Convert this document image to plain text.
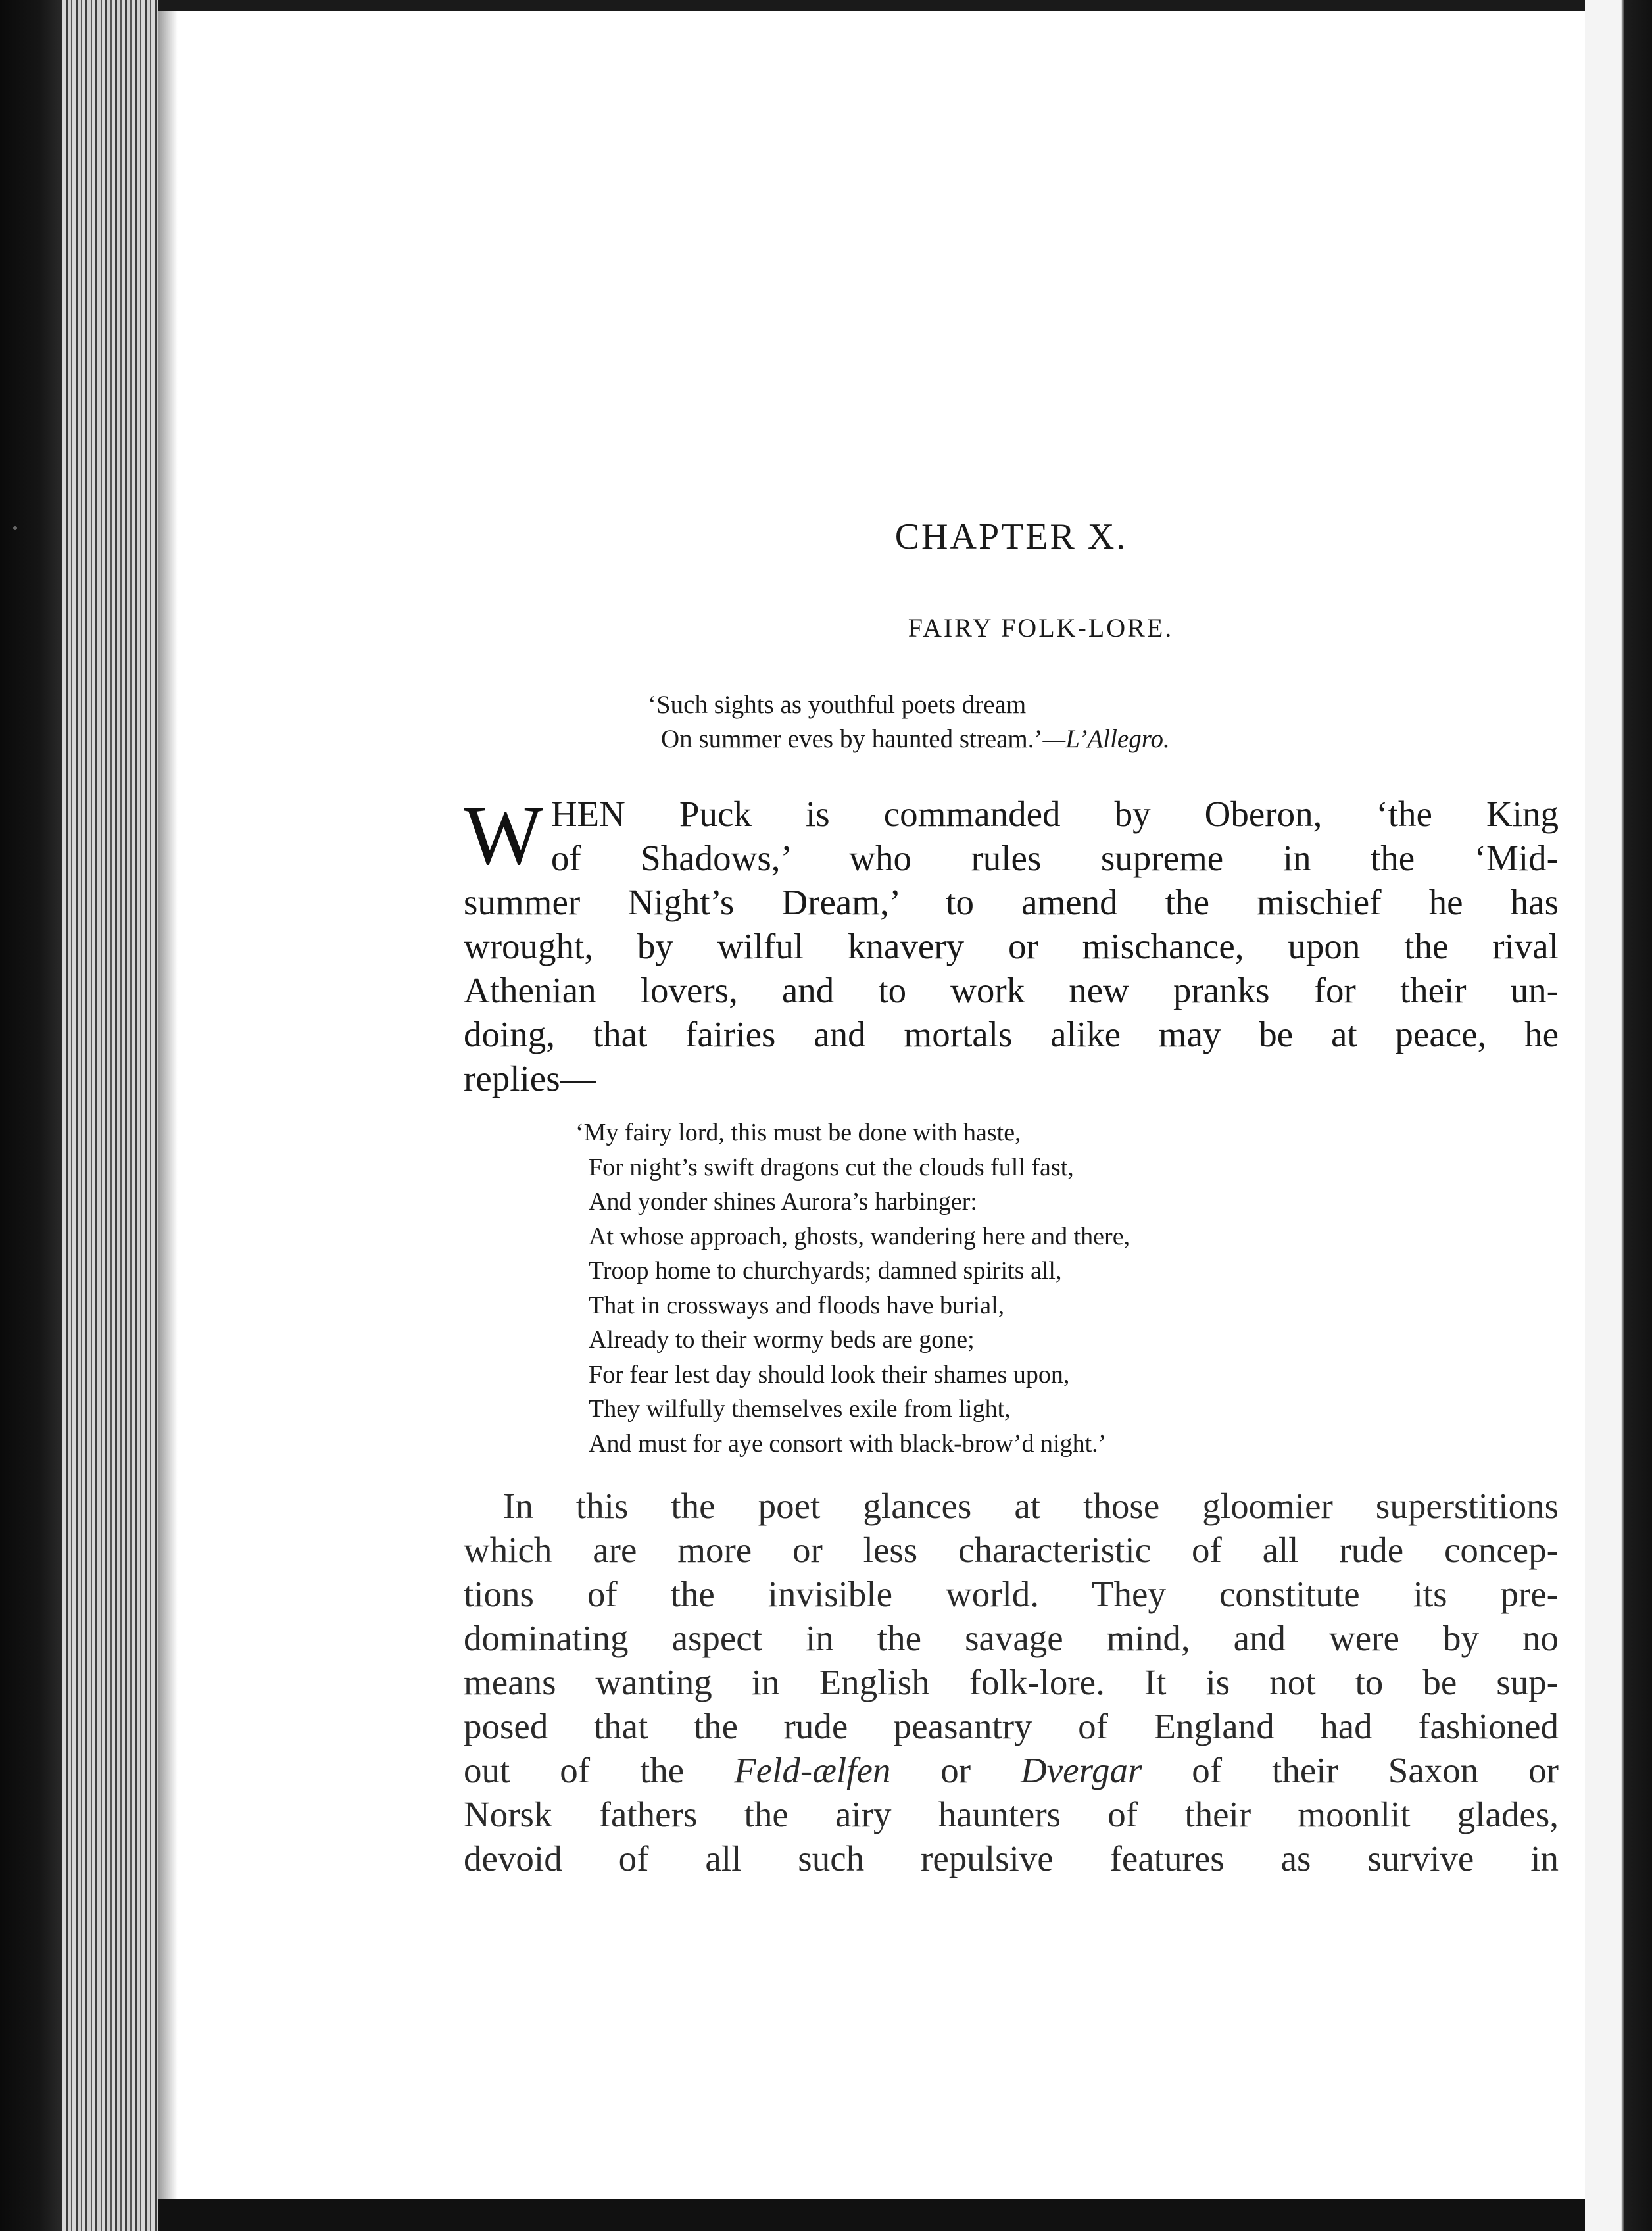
CHAPTER X.
FAIRY FOLK-LORE.
‘Such sights as youthful poets dream
On summer eves by haunted stream.’—L’Allegro.
W HEN Puck is commanded by Oberon, ‘the King
of Shadows,’ who rules supreme in the ‘Mid-
summer Night’s Dream,’ to amend the mischief he has
wrought, by wilful knavery or mischance, upon the rival
Athenian lovers, and to work new pranks for their un-
doing, that fairies and mortals alike may be at peace, he
replies—
‘My fairy lord, this must be done with haste,
For night’s swift dragons cut the clouds full fast,
And yonder shines Aurora’s harbinger:
At whose approach, ghosts, wandering here and there,
Troop home to churchyards; damned spirits all,
That in crossways and floods have burial,
Already to their wormy beds are gone;
For fear lest day should look their shames upon,
They wilfully themselves exile from light,
And must for aye consort with black-brow’d night.’
In this the poet glances at those gloomier superstitions
which are more or less characteristic of all rude concep-
tions of the invisible world. They constitute its pre-
dominating aspect in the savage mind, and were by no
means wanting in English folk-lore. It is not to be sup-
posed that the rude peasantry of England had fashioned
out of the Feld-ælfen or Dvergar of their Saxon or
Norsk fathers the airy haunters of their moonlit glades,
devoid of all such repulsive features as survive in
